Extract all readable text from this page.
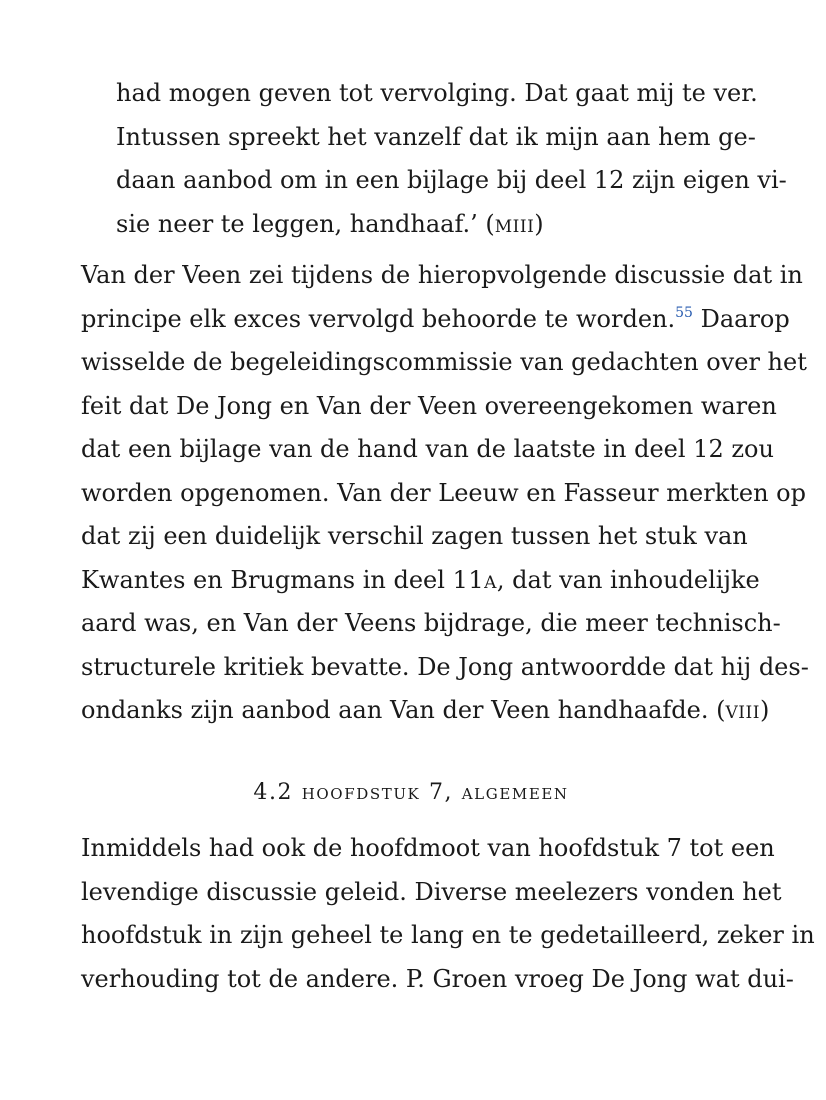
had mogen geven tot vervolging. Dat gaat mij te ver.
Intussen spreekt het vanzelf dat ik mijn aan hem ge-
daan aanbod om in een bijlage bij deel 12 zijn eigen vi-
sie neer te leggen, handhaaf.’ (miii)
Van der Veen zei tijdens de hieropvolgende discussie dat in
principe elk exces vervolgd behoorde te worden.$^{55}$ Daarop
wisselde de begeleidingscommissie van gedachten over het
feit dat De Jong en Van der Veen overeengekomen waren
dat een bijlage van de hand van de laatste in deel 12 zou
worden opgenomen. Van der Leeuw en Fasseur merkten op
dat zij een duidelijk verschil zagen tussen het stuk van
Kwantes en Brugmans in deel 11a, dat van inhoudelijke
aard was, en Van der Veens bijdrage, die meer technisch-
structurele kritiek bevatte. De Jong antwoordde dat hij des-
ondanks zijn aanbod aan Van der Veen handhaafde. (viii)
4.2 hoofdstuk 7, algemeen
Inmiddels had ook de hoofdmoot van hoofdstuk 7 tot een
levendige discussie geleid. Diverse meelezers vonden het
hoofdstuk in zijn geheel te lang en te gedetailleerd, zeker in
verhouding tot de andere. P. Groen vroeg De Jong wat dui-
